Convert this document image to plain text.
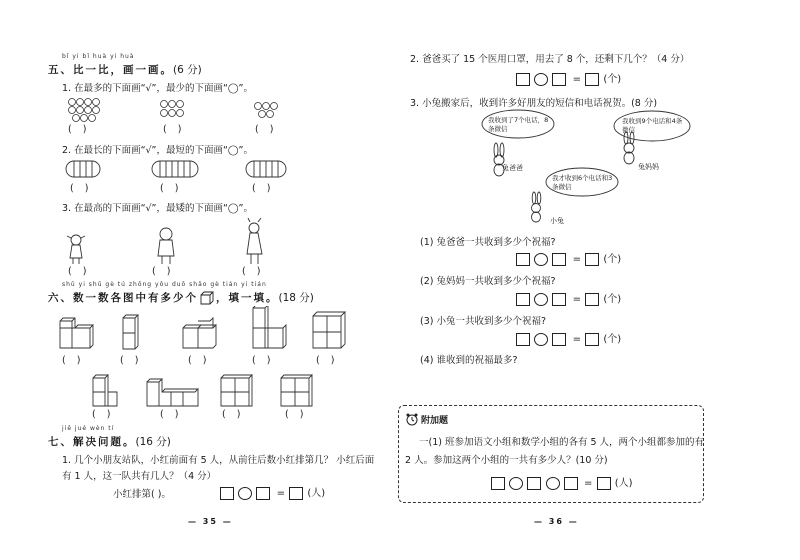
bǐ yi bǐ huà yi huà
五、比一比，画一画。(6 分)
1. 在最多的下面画“√”，最少的下面画“◯”。
( )	( )	( )
2. 在最长的下面画“√”，最短的下面画“◯”。
( )	( )	( )
3. 在最高的下面画“√”，最矮的下面画“◯”。
( )	( )	( )
shǔ yi shǔ gè tú zhōng yǒu duō shǎo gè tián yi tián
六、数一数各图中有多少个 ，填一填。(18 分)
( )	( )	( )	( )	( )
( )	( )	( )	( )
jiě jué wèn tí
七、解决问题。(16 分)
1. 几个小朋友站队，小红前面有 5 人，从前往后数小红排第几？ 小红后面
有 1 人，这一队共有几人？（4 分）
小红排第( )。	= (人)
— 35 —
2. 爸爸买了 15 个医用口罩，用去了 8 个，还剩下几个？（4 分）
= (个)
3. 小兔搬家后，收到许多好朋友的短信和电话祝贺。(8 分)
我收到了7个电话，8条微信
我收到9个电话和4条微信
我才收到6个电话和3条微信
兔爸爸	兔妈妈
小兔
(1) 兔爸爸一共收到多少个祝福?
= (个)
(2) 兔妈妈一共收到多少个祝福?
= (个)
(3) 小兔一共收到多少个祝福?
= (个)
(4) 谁收到的祝福最多?
— 36 —
附加题
一(1) 班参加语文小组和数学小组的各有 5 人，两个小组都参加的有
2 人。参加这两个小组的一共有多少人？(10 分)
= (人)
